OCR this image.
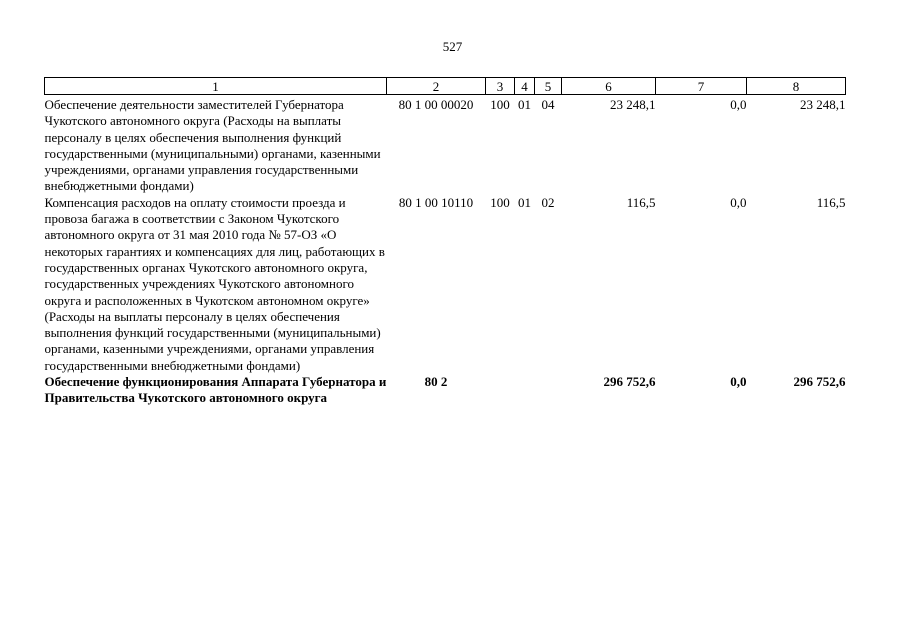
527
1	2	3	4	5	6	7	8
Обеспечение деятельности заместителей Губернатора Чукотского автономного округа (Расходы на выплаты персоналу в целях обеспечения выполнения функций государственными (муниципальными) органами, казенными учреждениями, органами управления государственными внебюджетными фондами)	80 1 00 00020	100	01	04	23 248,1	0,0	23 248,1
Компенсация расходов на оплату стоимости проезда и провоза багажа в соответствии с Законом Чукотского автономного округа от 31 мая 2010 года № 57-ОЗ «О некоторых гарантиях и компенсациях для лиц, работающих в государственных органах Чукотского автономного округа, государственных учреждениях Чукотского автономного округа и расположенных в Чукотском автономном округе» (Расходы на выплаты персоналу в целях обеспечения выполнения функций государственными (муниципальными) органами, казенными учреждениями, органами управления государственными внебюджетными фондами)	80 1 00 10110	100	01	02	116,5	0,0	116,5
Обеспечение функционирования Аппарата Губернатора и Правительства Чукотского автономного округа	80 2				296 752,6	0,0	296 752,6
